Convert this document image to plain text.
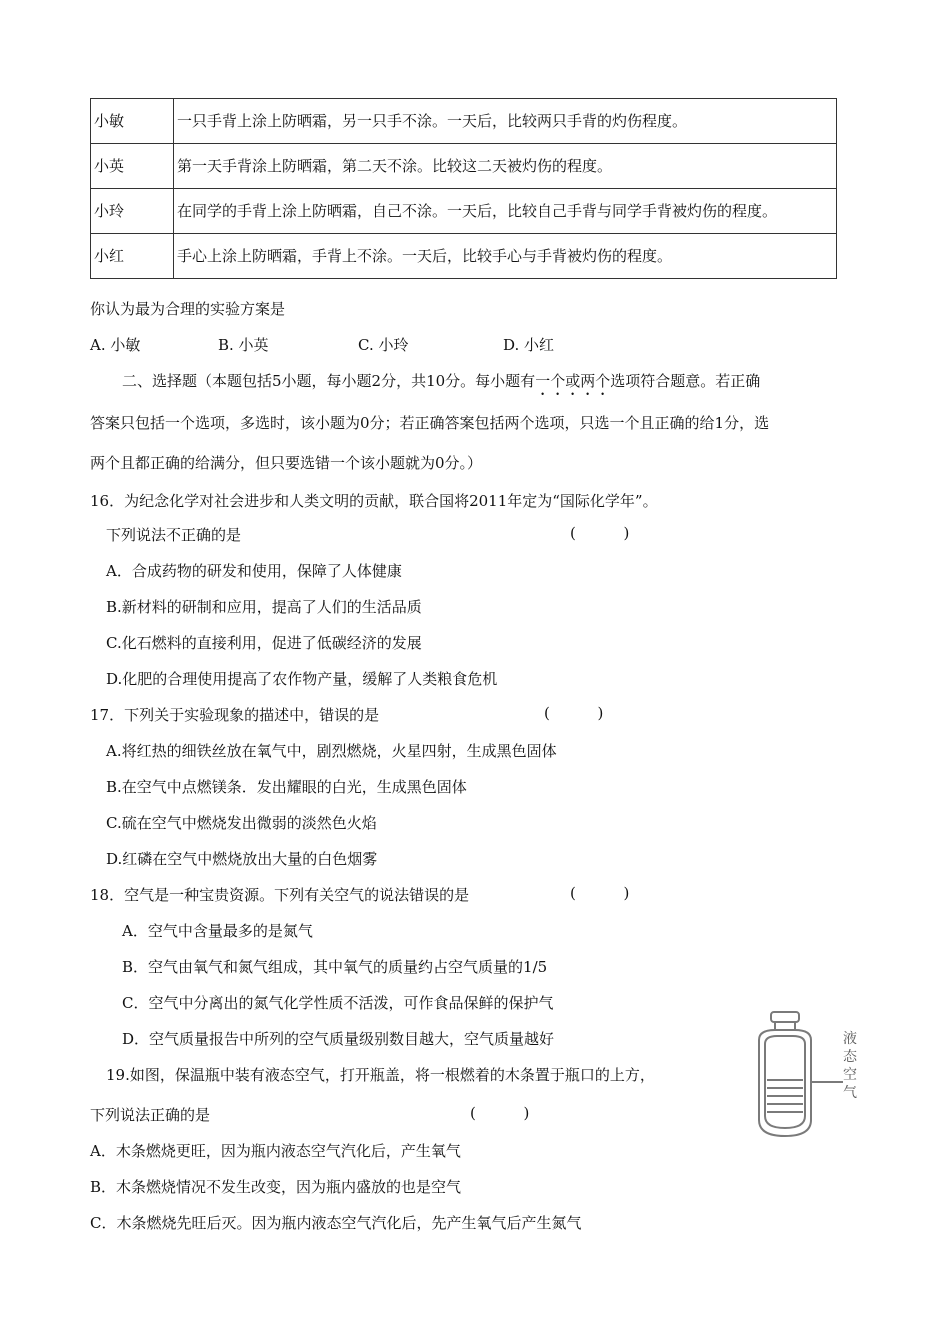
小敏	一只手背上涂上防晒霜，另一只手不涂。一天后，比较两只手背的灼伤程度。
小英	第一天手背涂上防晒霜，第二天不涂。比较这二天被灼伤的程度。
小玲	在同学的手背上涂上防晒霜，自己不涂。一天后，比较自己手背与同学手背被灼伤的程度。
小红	手心上涂上防晒霜，手背上不涂。一天后，比较手心与手背被灼伤的程度。
你认为最为合理的实验方案是
A. 小敏	B. 小英	C. 小玲	D. 小红
二、选择题（本题包括5小题，每小题2分，共10分。每小题有一个或两个选项符合题意。若正确
答案只包括一个选项，多选时，该小题为0分；若正确答案包括两个选项，只选一个且正确的给1分，选
两个且都正确的给满分，但只要选错一个该小题就为0分。）
16．为纪念化学对社会进步和人类文明的贡献，联合国将2011年定为“国际化学年”。
下列说法不正确的是	(          )
A．合成药物的研发和使用，保障了人体健康
B.新材料的研制和应用，提高了人们的生活品质
C.化石燃料的直接利用，促进了低碳经济的发展
D.化肥的合理使用提高了农作物产量，缓解了人类粮食危机
17．下列关于实验现象的描述中，错误的是	(          )
A.将红热的细铁丝放在氧气中，剧烈燃烧，火星四射，生成黑色固体
B.在空气中点燃镁条．发出耀眼的白光，生成黑色固体
C.硫在空气中燃烧发出微弱的淡然色火焰
D.红磷在空气中燃烧放出大量的白色烟雾
18．空气是一种宝贵资源。下列有关空气的说法错误的是	(          )
A．空气中含量最多的是氮气
B．空气由氧气和氮气组成，其中氧气的质量约占空气质量的1/5
C．空气中分离出的氮气化学性质不活泼，可作食品保鲜的保护气
D．空气质量报告中所列的空气质量级别数目越大，空气质量越好
19.如图，保温瓶中装有液态空气，打开瓶盖，将一根燃着的木条置于瓶口的上方，
下列说法正确的是	(          )
A．木条燃烧更旺，因为瓶内液态空气汽化后，产生氧气
B．木条燃烧情况不发生改变，因为瓶内盛放的也是空气
C．木条燃烧先旺后灭。因为瓶内液态空气汽化后，先产生氧气后产生氮气
液态空气
